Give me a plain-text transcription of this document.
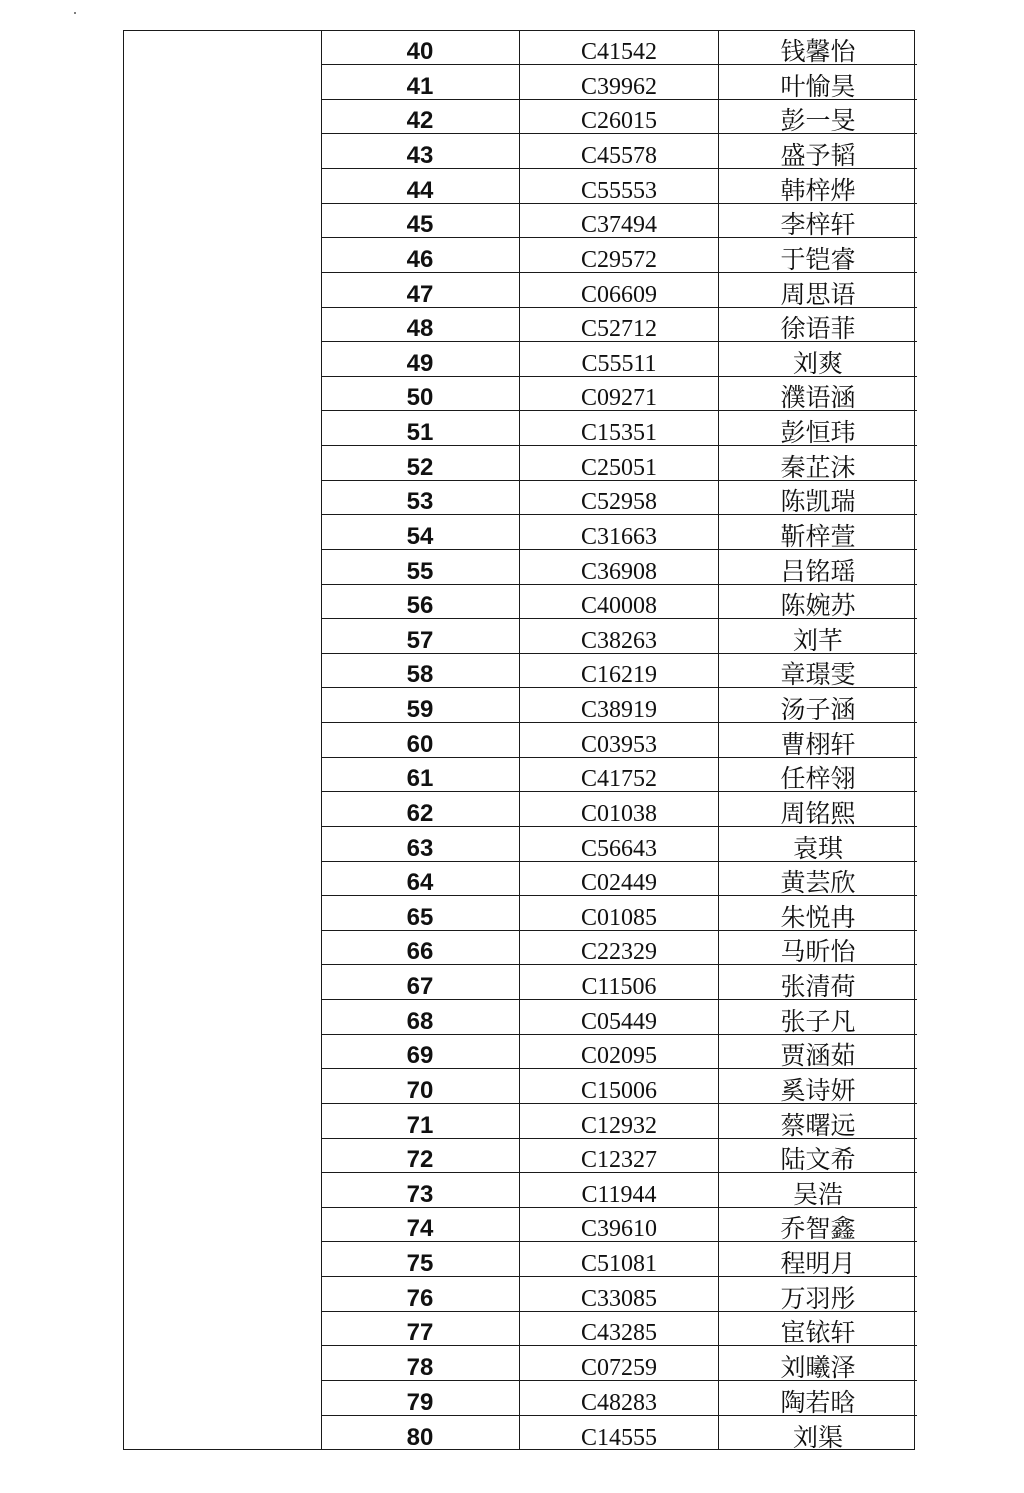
40	C41542	钱馨怡
41	C39962	叶愉昊
42	C26015	彭一旻
43	C45578	盛予韬
44	C55553	韩梓烨
45	C37494	李梓轩
46	C29572	于铠睿
47	C06609	周思语
48	C52712	徐语菲
49	C55511	刘爽
50	C09271	濮语涵
51	C15351	彭恒玮
52	C25051	秦芷沫
53	C52958	陈凯瑞
54	C31663	靳梓萱
55	C36908	吕铭瑶
56	C40008	陈婉苏
57	C38263	刘芊
58	C16219	章璟雯
59	C38919	汤子涵
60	C03953	曹栩轩
61	C41752	任梓翎
62	C01038	周铭熙
63	C56643	袁琪
64	C02449	黄芸欣
65	C01085	朱悦冉
66	C22329	马昕怡
67	C11506	张清荷
68	C05449	张子凡
69	C02095	贾涵茹
70	C15006	奚诗妍
71	C12932	蔡曙远
72	C12327	陆文希
73	C11944	吴浩
74	C39610	乔智鑫
75	C51081	程明月
76	C33085	万羽彤
77	C43285	宦铱轩
78	C07259	刘曦泽
79	C48283	陶若晗
80	C14555	刘渠
